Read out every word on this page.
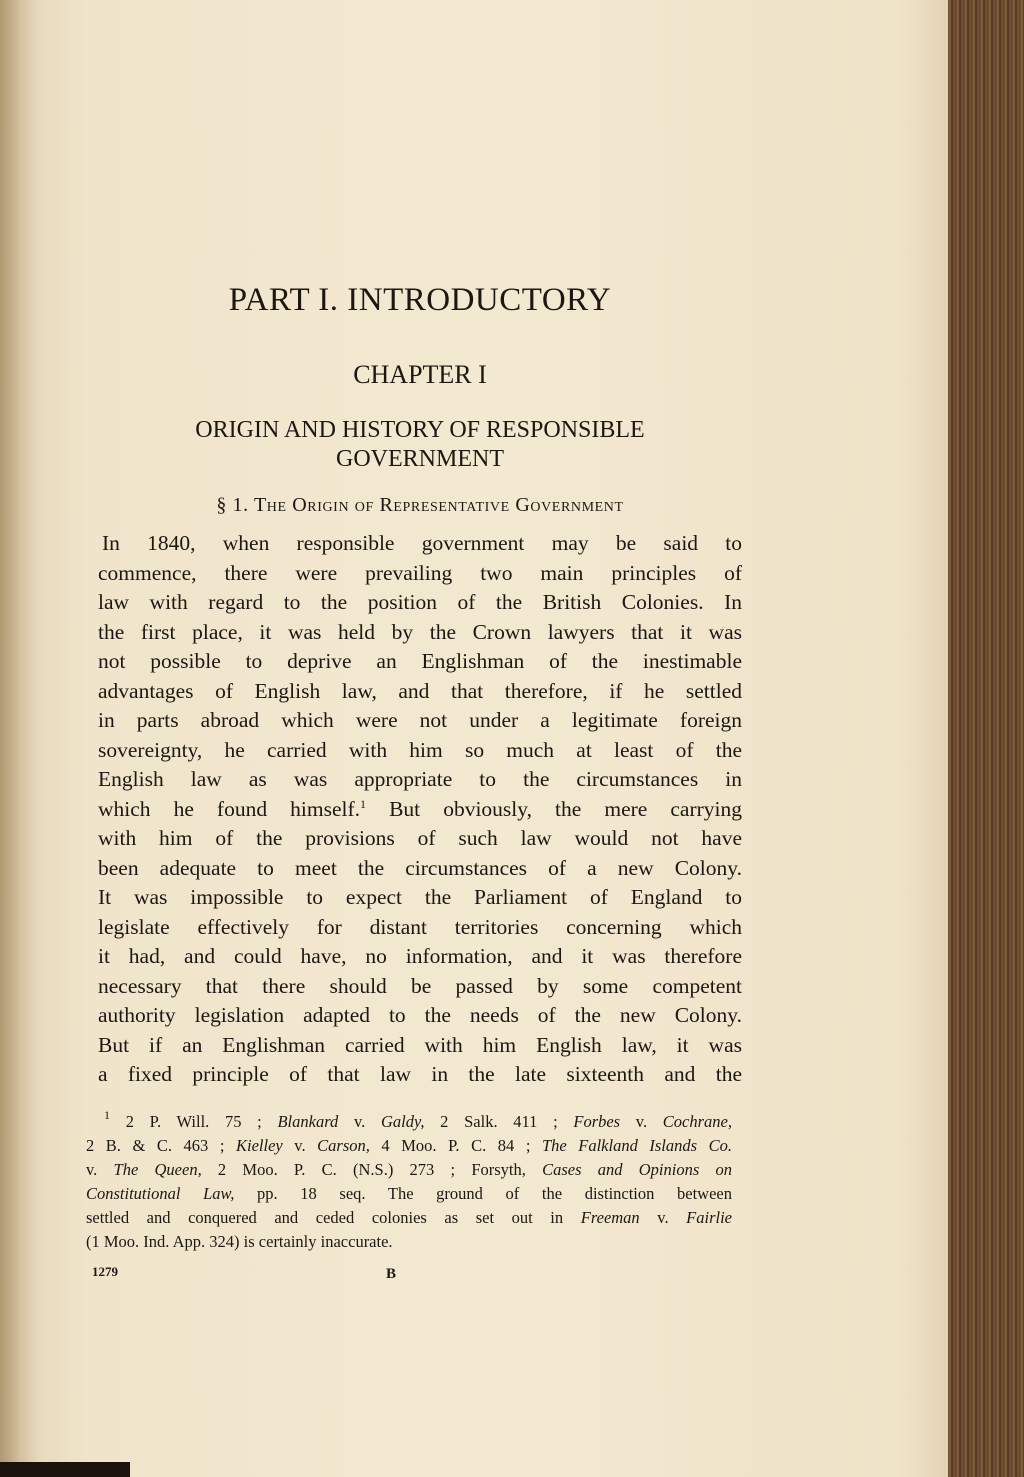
PART I. INTRODUCTORY
CHAPTER I
ORIGIN AND HISTORY OF RESPONSIBLE
GOVERNMENT
§ 1. The Origin of Representative Government
In 1840, when responsible government may be said to
commence, there were prevailing two main principles of
law with regard to the position of the British Colonies. In
the first place, it was held by the Crown lawyers that it was
not possible to deprive an Englishman of the inestimable
advantages of English law, and that therefore, if he settled
in parts abroad which were not under a legitimate foreign
sovereignty, he carried with him so much at least of the
English law as was appropriate to the circumstances in
which he found himself.$^1$ But obviously, the mere carrying
with him of the provisions of such law would not have
been adequate to meet the circumstances of a new Colony.
It was impossible to expect the Parliament of England to
legislate effectively for distant territories concerning which
it had, and could have, no information, and it was therefore
necessary that there should be passed by some competent
authority legislation adapted to the needs of the new Colony.
But if an Englishman carried with him English law, it was
a fixed principle of that law in the late sixteenth and the
$^1$ 2 P. Will. 75 ; Blankard v. Galdy, 2 Salk. 411 ; Forbes v. Cochrane,
2 B. & C. 463 ; Kielley v. Carson, 4 Moo. P. C. 84 ; The Falkland Islands Co.
v. The Queen, 2 Moo. P. C. (N.S.) 273 ; Forsyth, Cases and Opinions on
Constitutional Law, pp. 18 seq. The ground of the distinction between
settled and conquered and ceded colonies as set out in Freeman v. Fairlie
(1 Moo. Ind. App. 324) is certainly inaccurate.
1279	B
